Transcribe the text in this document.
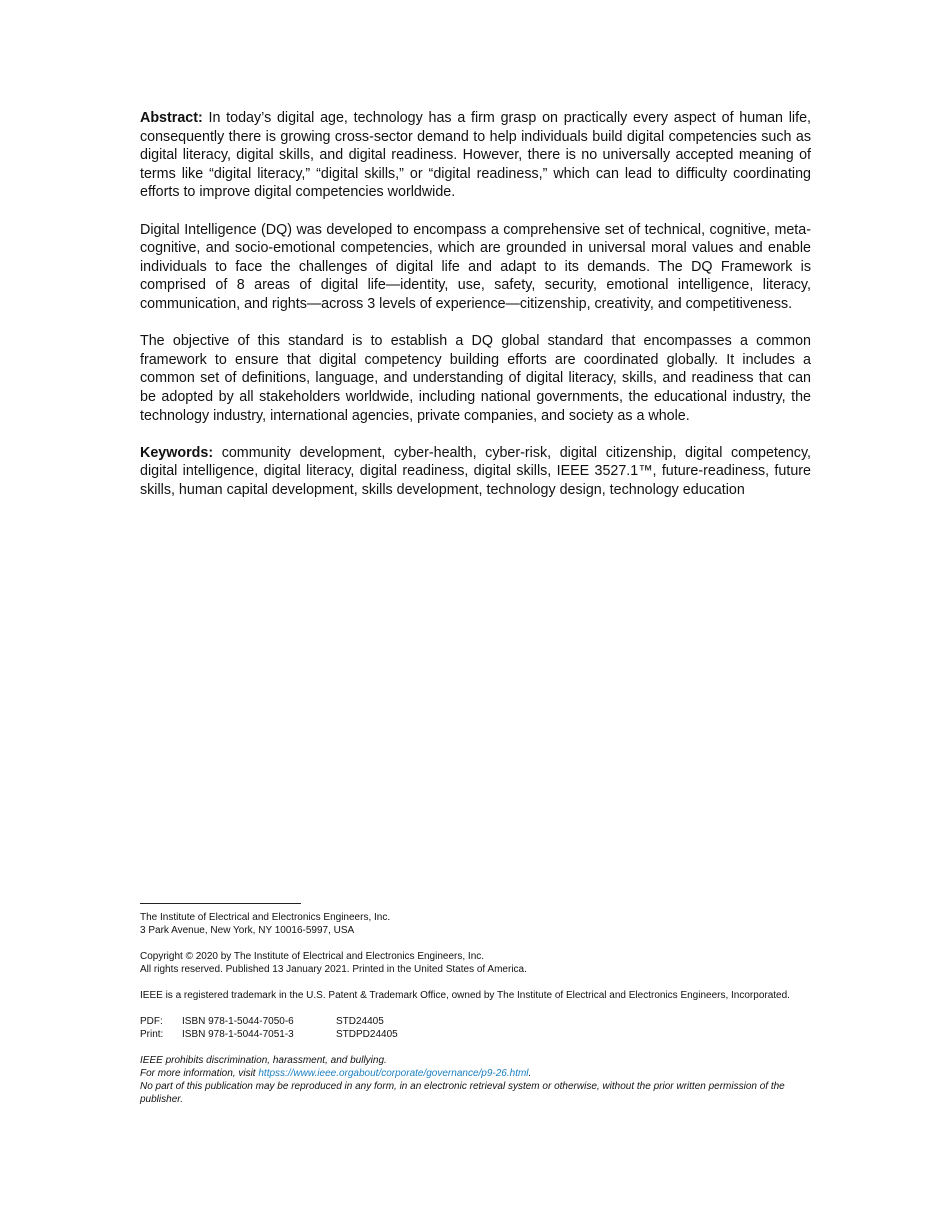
Abstract: In today’s digital age, technology has a firm grasp on practically every aspect of human life, consequently there is growing cross-sector demand to help individuals build digital competencies such as digital literacy, digital skills, and digital readiness. However, there is no universally accepted meaning of terms like “digital literacy,” “digital skills,” or “digital readiness,” which can lead to difficulty coordinating efforts to improve digital competencies worldwide.

Digital Intelligence (DQ) was developed to encompass a comprehensive set of technical, cognitive, meta-cognitive, and socio-emotional competencies, which are grounded in universal moral values and enable individuals to face the challenges of digital life and adapt to its demands. The DQ Framework is comprised of 8 areas of digital life—identity, use, safety, security, emotional intelligence, literacy, communication, and rights—across 3 levels of experience—citizenship, creativity, and competitiveness.

The objective of this standard is to establish a DQ global standard that encompasses a common framework to ensure that digital competency building efforts are coordinated globally. It includes a common set of definitions, language, and understanding of digital literacy, skills, and readiness that can be adopted by all stakeholders worldwide, including national governments, the educational industry, the technology industry, international agencies, private companies, and society as a whole.

Keywords: community development, cyber-health, cyber-risk, digital citizenship, digital competency, digital intelligence, digital literacy, digital readiness, digital skills, IEEE 3527.1™, future-readiness, future skills, human capital development, skills development, technology design, technology education

The Institute of Electrical and Electronics Engineers, Inc.
3 Park Avenue, New York, NY 10016-5997, USA
Copyright © 2020 by The Institute of Electrical and Electronics Engineers, Inc.
All rights reserved. Published 13 January 2021. Printed in the United States of America.
IEEE is a registered trademark in the U.S. Patent & Trademark Office, owned by The Institute of Electrical and Electronics Engineers, Incorporated.
PDF:	ISBN 978-1-5044-7050-6	STD24405
Print:	ISBN 978-1-5044-7051-3	STDPD24405
IEEE prohibits discrimination, harassment, and bullying.
For more information, visit httpss://www.ieee.orgabout/corporate/governance/p9-26.html.
No part of this publication may be reproduced in any form, in an electronic retrieval system or otherwise, without the prior written permission of the publisher.
